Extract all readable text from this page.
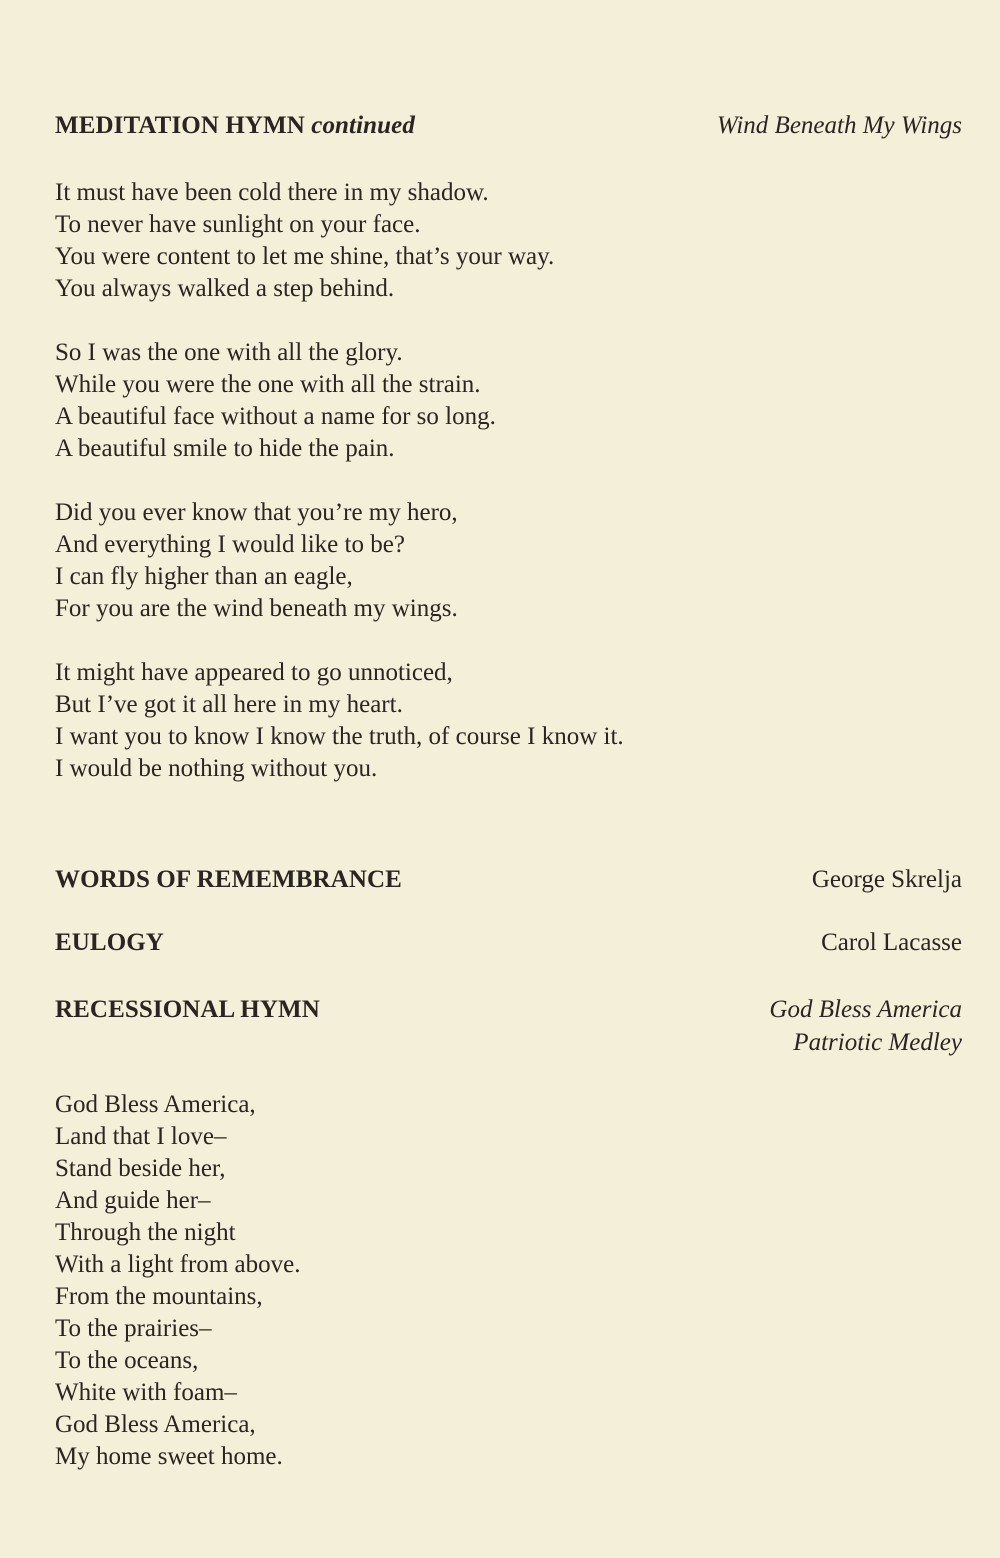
MEDITATION HYMN continued	Wind Beneath My Wings
It must have been cold there in my shadow.
To never have sunlight on your face.
You were content to let me shine, that’s your way.
You always walked a step behind.
So I was the one with all the glory.
While you were the one with all the strain.
A beautiful face without a name for so long.
A beautiful smile to hide the pain.
Did you ever know that you’re my hero,
And everything I would like to be?
I can fly higher than an eagle,
For you are the wind beneath my wings.
It might have appeared to go unnoticed,
But I’ve got it all here in my heart.
I want you to know I know the truth, of course I know it.
I would be nothing without you.
WORDS OF REMEMBRANCE	George Skrelja
EULOGY	Carol Lacasse
RECESSIONAL HYMN	God Bless America
Patriotic Medley
God Bless America,
Land that I love–
Stand beside her,
And guide her–
Through the night
With a light from above.
From the mountains,
To the prairies–
To the oceans,
White with foam–
God Bless America,
My home sweet home.
